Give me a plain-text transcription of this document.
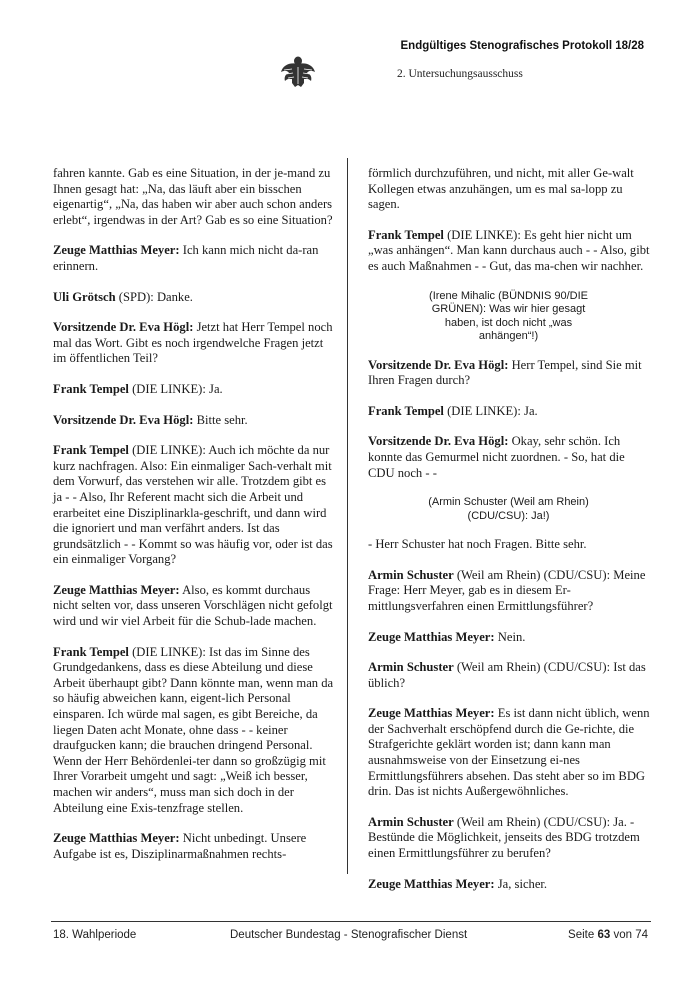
Endgültiges Stenografisches Protokoll 18/28
2. Untersuchungsausschuss

fahren kannte. Gab es eine Situation, in der je-mand zu Ihnen gesagt hat: „Na, das läuft aber ein bisschen eigenartig“, „Na, das haben wir aber auch schon anders erlebt“, irgendwas in der Art? Gab es so eine Situation?

Zeuge Matthias Meyer: Ich kann mich nicht da-ran erinnern.

Uli Grötsch (SPD): Danke.

Vorsitzende Dr. Eva Högl: Jetzt hat Herr Tempel noch mal das Wort. Gibt es noch irgendwelche Fragen jetzt im öffentlichen Teil?

Frank Tempel (DIE LINKE): Ja.

Vorsitzende Dr. Eva Högl: Bitte sehr.

Frank Tempel (DIE LINKE): Auch ich möchte da nur kurz nachfragen. Also: Ein einmaliger Sach-verhalt mit dem Vorwurf, das verstehen wir alle. Trotzdem gibt es ja - - Also, Ihr Referent macht sich die Arbeit und erarbeitet eine Disziplinarkla-geschrift, und dann wird die ignoriert und man verfährt anders. Ist das grundsätzlich - - Kommt so was häufig vor, oder ist das ein einmaliger Vorgang?

Zeuge Matthias Meyer: Also, es kommt durchaus nicht selten vor, dass unseren Vorschlägen nicht gefolgt wird und wir viel Arbeit für die Schub-lade machen.

Frank Tempel (DIE LINKE): Ist das im Sinne des Grundgedankens, dass es diese Abteilung und diese Arbeit überhaupt gibt? Dann könnte man, wenn man da so häufig abweichen kann, eigent-lich Personal einsparen. Ich würde mal sagen, es gibt Bereiche, da liegen Daten acht Monate, ohne dass - - keiner draufgucken kann; die brauchen dringend Personal. Wenn der Herr Behördenlei-ter dann so großzügig mit Ihrer Vorarbeit umgeht und sagt: „Weiß ich besser, machen wir anders“, muss man sich doch in der Abteilung eine Exis-tenzfrage stellen.

Zeuge Matthias Meyer: Nicht unbedingt. Unsere Aufgabe ist es, Disziplinarmaßnahmen rechts-

förmlich durchzuführen, und nicht, mit aller Ge-walt Kollegen etwas anzuhängen, um es mal sa-lopp zu sagen.

Frank Tempel (DIE LINKE): Es geht hier nicht um „was anhängen“. Man kann durchaus auch - - Also, gibt es auch Maßnahmen - - Gut, das ma-chen wir nachher.

(Irene Mihalic (BÜNDNIS 90/DIE GRÜNEN): Was wir hier gesagt haben, ist doch nicht „was anhängen“!)

Vorsitzende Dr. Eva Högl: Herr Tempel, sind Sie mit Ihren Fragen durch?

Frank Tempel (DIE LINKE): Ja.

Vorsitzende Dr. Eva Högl: Okay, sehr schön. Ich konnte das Gemurmel nicht zuordnen. - So, hat die CDU noch - -

(Armin Schuster (Weil am Rhein) (CDU/CSU): Ja!)

- Herr Schuster hat noch Fragen. Bitte sehr.

Armin Schuster (Weil am Rhein) (CDU/CSU): Meine Frage: Herr Meyer, gab es in diesem Er-mittlungsverfahren einen Ermittlungsführer?

Zeuge Matthias Meyer: Nein.

Armin Schuster (Weil am Rhein) (CDU/CSU): Ist das üblich?

Zeuge Matthias Meyer: Es ist dann nicht üblich, wenn der Sachverhalt erschöpfend durch die Ge-richte, die Strafgerichte geklärt worden ist; dann kann man ausnahmsweise von der Einsetzung ei-nes Ermittlungsführers absehen. Das steht aber so im BDG drin. Das ist nichts Außergewöhnliches.

Armin Schuster (Weil am Rhein) (CDU/CSU): Ja. - Bestünde die Möglichkeit, jenseits des BDG trotzdem einen Ermittlungsführer zu berufen?

Zeuge Matthias Meyer: Ja, sicher.

18. Wahlperiode	Deutscher Bundestag - Stenografischer Dienst	Seite 63 von 74
